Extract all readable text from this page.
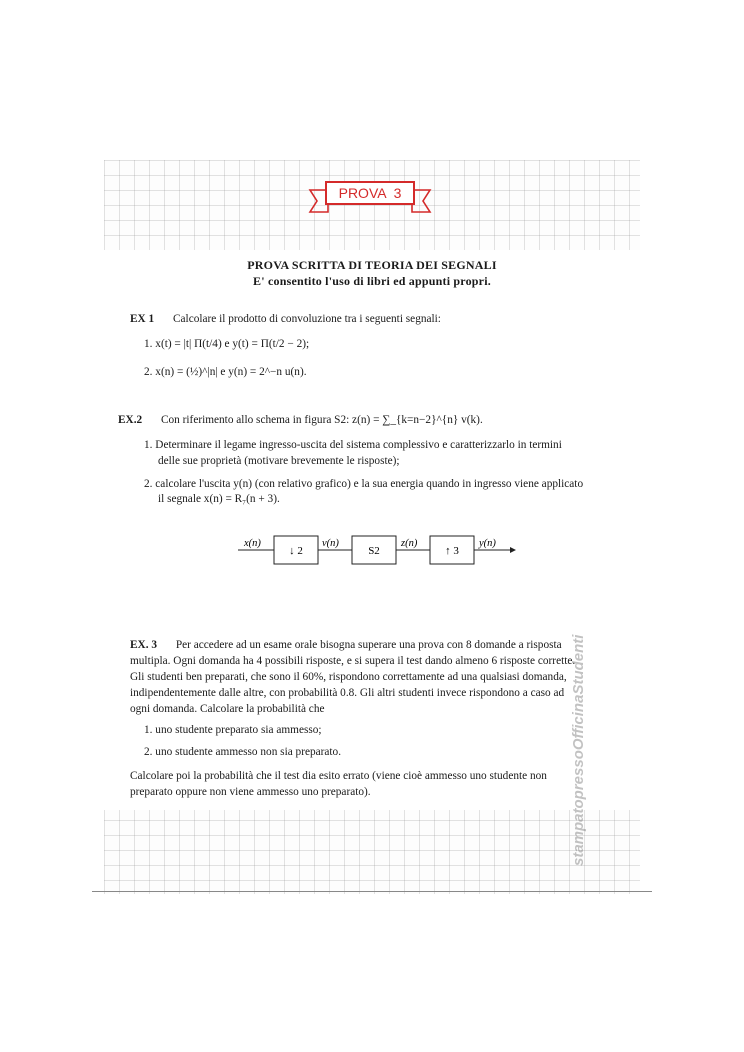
PROVA  3
PROVA SCRITTA DI TEORIA DEI SEGNALI
E' consentito l'uso di libri ed appunti propri.
EX 1 Calcolare il prodotto di convoluzione tra i seguenti segnali:
1. x(t) = |t| Π(t/4) e y(t) = Π(t/2 − 2);
2. x(n) = (½)^|n| e y(n) = 2^−n u(n).
EX.2 Con riferimento allo schema in figura S2: z(n) = ∑_{k=n−2}^{n} v(k).
1. Determinare il legame ingresso-uscita del sistema complessivo e caratterizzarlo in termini
delle sue proprietà (motivare brevemente le risposte);
2. calcolare l'uscita y(n) (con relativo grafico) e la sua energia quando in ingresso viene applicato
il segnale x(n) = R₇(n + 3).
x(n)
↓ 2
v(n)
S2
z(n)
↑ 3
y(n)
EX. 3 Per accedere ad un esame orale bisogna superare una prova con 8 domande a risposta
multipla. Ogni domanda ha 4 possibili risposte, e si supera il test dando almeno 6 risposte corrette.
Gli studenti ben preparati, che sono il 60%, rispondono correttamente ad una qualsiasi domanda,
indipendentemente dalle altre, con probabilità 0.8. Gli altri studenti invece rispondono a caso ad
ogni domanda. Calcolare la probabilità che
1. uno studente preparato sia ammesso;
2. uno studente ammesso non sia preparato.
Calcolare poi la probabilità che il test dia esito errato (viene cioè ammesso uno studente non
preparato oppure non viene ammesso uno preparato).	stampatopressoOfficinaStudenti
